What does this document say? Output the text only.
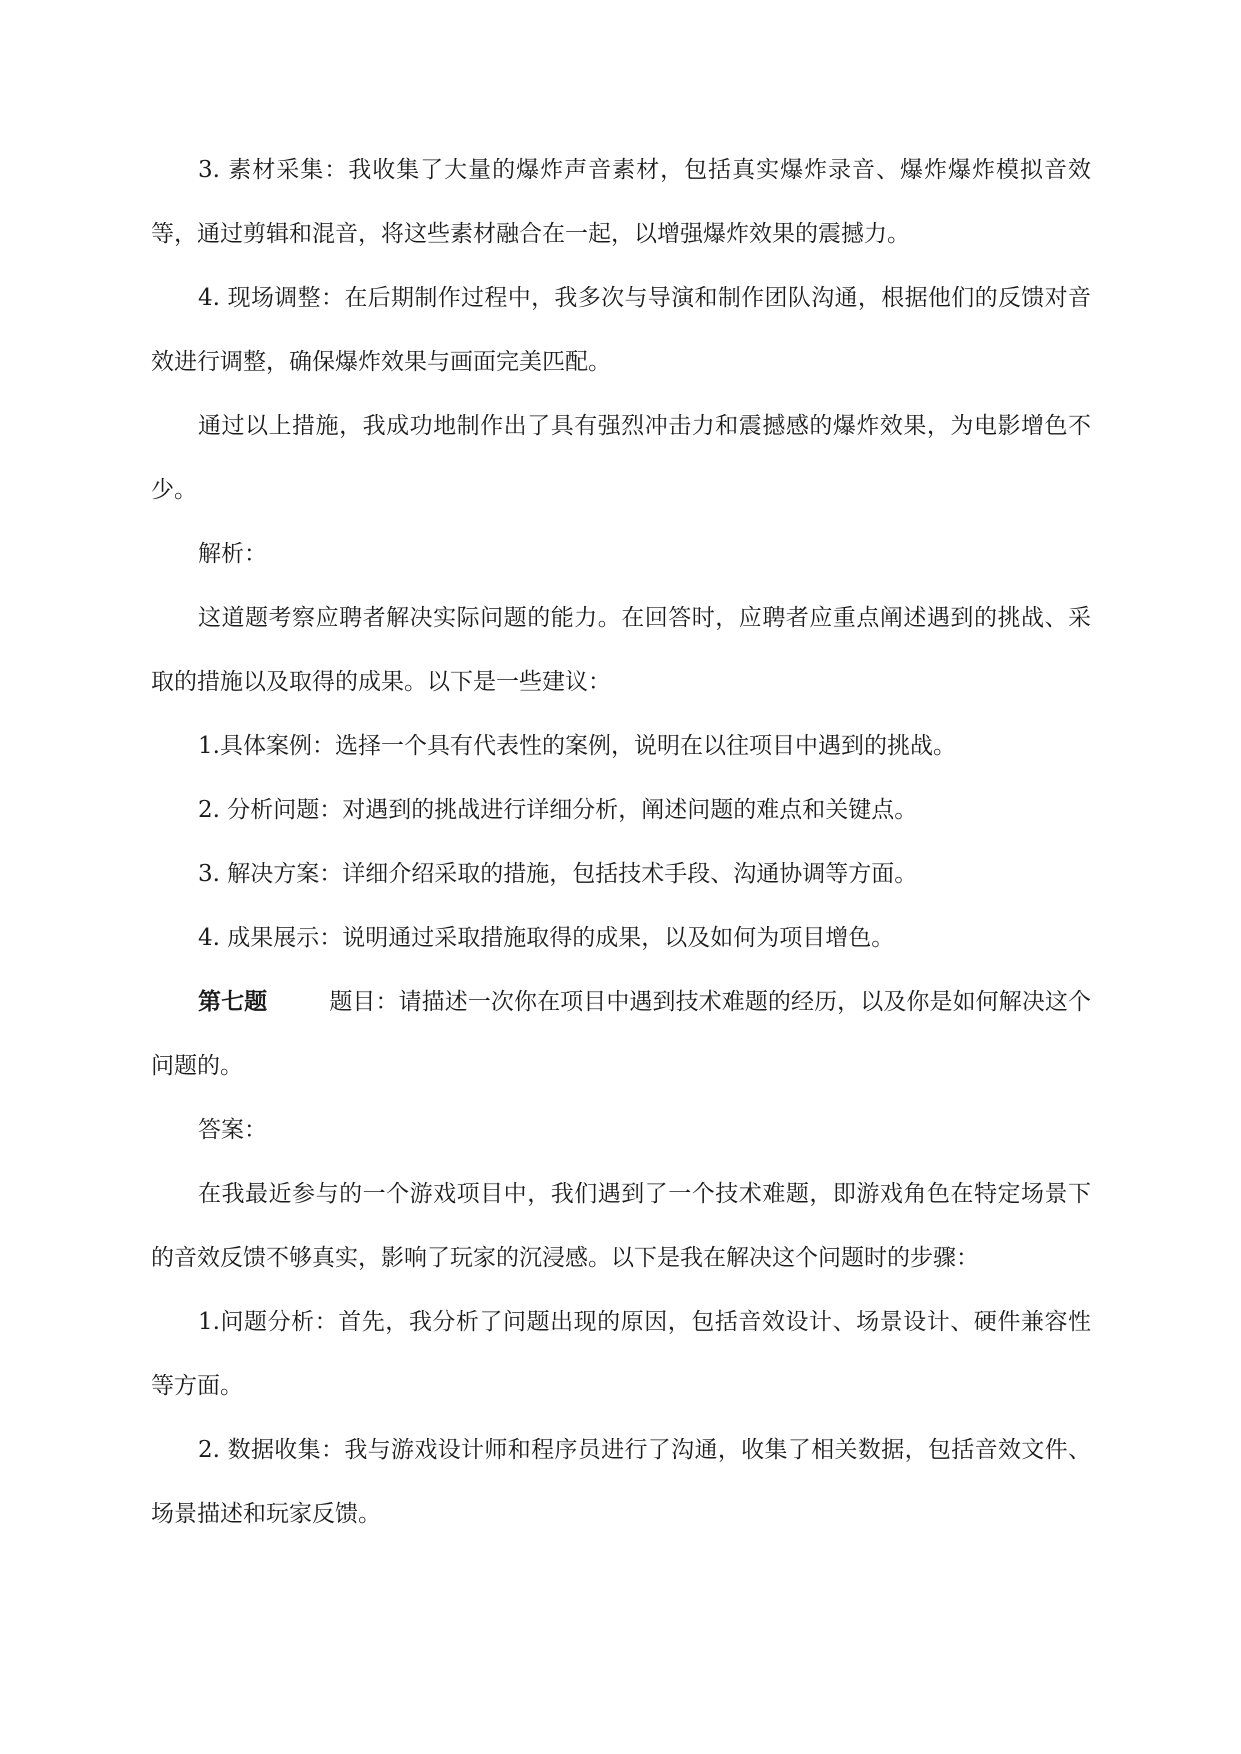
3. 素材采集：我收集了大量的爆炸声音素材，包括真实爆炸录音、爆炸爆炸模拟音效等，通过剪辑和混音，将这些素材融合在一起，以增强爆炸效果的震撼力。

4. 现场调整：在后期制作过程中，我多次与导演和制作团队沟通，根据他们的反馈对音效进行调整，确保爆炸效果与画面完美匹配。

通过以上措施，我成功地制作出了具有强烈冲击力和震撼感的爆炸效果，为电影增色不少。

解析：

这道题考察应聘者解决实际问题的能力。在回答时，应聘者应重点阐述遇到的挑战、采取的措施以及取得的成果。以下是一些建议：

1.具体案例：选择一个具有代表性的案例，说明在以往项目中遇到的挑战。

2. 分析问题：对遇到的挑战进行详细分析，阐述问题的难点和关键点。

3. 解决方案：详细介绍采取的措施，包括技术手段、沟通协调等方面。

4. 成果展示：说明通过采取措施取得的成果，以及如何为项目增色。

第七题	题目：请描述一次你在项目中遇到技术难题的经历，以及你是如何解决这个问题的。

答案：

在我最近参与的一个游戏项目中，我们遇到了一个技术难题，即游戏角色在特定场景下的音效反馈不够真实，影响了玩家的沉浸感。以下是我在解决这个问题时的步骤：

1.问题分析：首先，我分析了问题出现的原因，包括音效设计、场景设计、硬件兼容性等方面。

2. 数据收集：我与游戏设计师和程序员进行了沟通，收集了相关数据，包括音效文件、场景描述和玩家反馈。
